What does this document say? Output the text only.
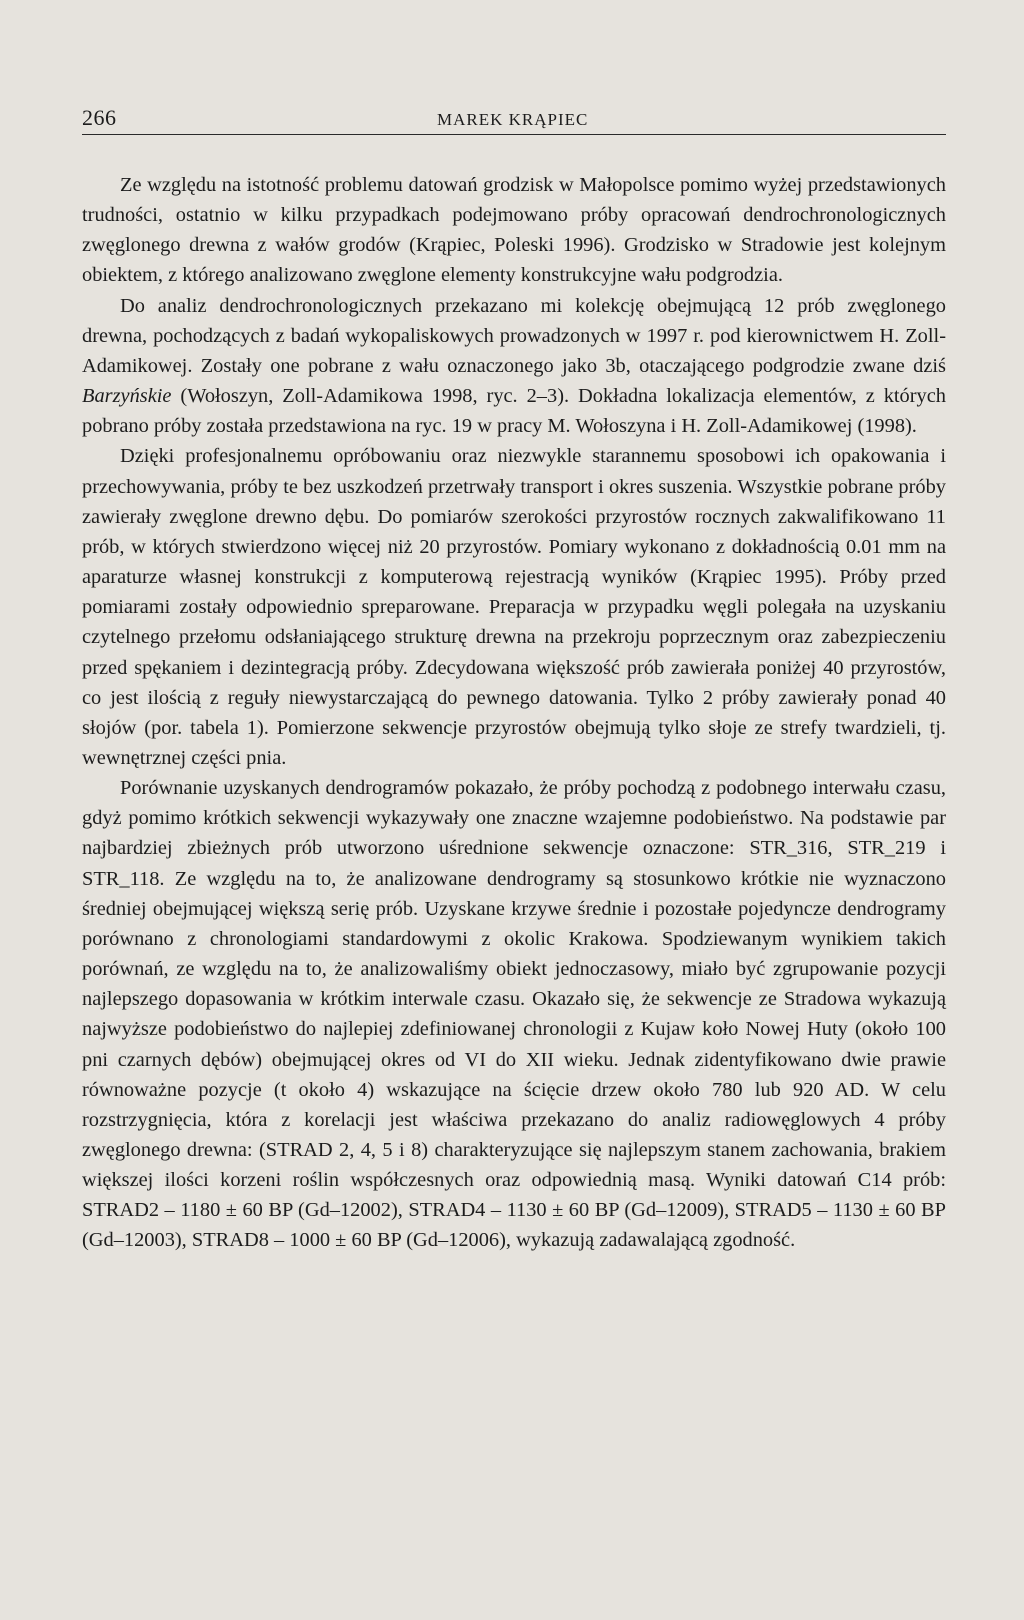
266	MAREK KRĄPIEC

Ze względu na istotność problemu datowań grodzisk w Małopolsce pomimo wyżej przedstawionych trudności, ostatnio w kilku przypadkach podejmowano próby opracowań dendrochronologicznych zwęglonego drewna z wałów grodów (Krąpiec, Poleski 1996). Grodzisko w Stradowie jest kolejnym obiektem, z którego analizowano zwęglone elementy konstrukcyjne wału podgrodzia.

Do analiz dendrochronologicznych przekazano mi kolekcję obejmującą 12 prób zwęglonego drewna, pochodzących z badań wykopaliskowych prowadzonych w 1997 r. pod kierownictwem H. Zoll-Adamikowej. Zostały one pobrane z wału oznaczonego jako 3b, otaczającego podgrodzie zwane dziś Barzyńskie (Wołoszyn, Zoll-Adamikowa 1998, ryc. 2–3). Dokładna lokalizacja elementów, z których pobrano próby została przedstawiona na ryc. 19 w pracy M. Wołoszyna i H. Zoll-Adamikowej (1998).

Dzięki profesjonalnemu opróbowaniu oraz niezwykle starannemu sposobowi ich opakowania i przechowywania, próby te bez uszkodzeń przetrwały transport i okres suszenia. Wszystkie pobrane próby zawierały zwęglone drewno dębu. Do pomiarów szerokości przyrostów rocznych zakwalifikowano 11 prób, w których stwierdzono więcej niż 20 przyrostów. Pomiary wykonano z dokładnością 0.01 mm na aparaturze własnej konstrukcji z komputerową rejestracją wyników (Krąpiec 1995). Próby przed pomiarami zostały odpowiednio spreparowane. Preparacja w przypadku węgli polegała na uzyskaniu czytelnego przełomu odsłaniającego strukturę drewna na przekroju poprzecznym oraz zabezpieczeniu przed spękaniem i dezintegracją próby. Zdecydowana większość prób zawierała poniżej 40 przyrostów, co jest ilością z reguły niewystarczającą do pewnego datowania. Tylko 2 próby zawierały ponad 40 słojów (por. tabela 1). Pomierzone sekwencje przyrostów obejmują tylko słoje ze strefy twardzieli, tj. wewnętrznej części pnia.

Porównanie uzyskanych dendrogramów pokazało, że próby pochodzą z podobnego interwału czasu, gdyż pomimo krótkich sekwencji wykazywały one znaczne wzajemne podobieństwo. Na podstawie par najbardziej zbieżnych prób utworzono uśrednione sekwencje oznaczone: STR_316, STR_219 i STR_118. Ze względu na to, że analizowane dendrogramy są stosunkowo krótkie nie wyznaczono średniej obejmującej większą serię prób. Uzyskane krzywe średnie i pozostałe pojedyncze dendrogramy porównano z chronologiami standardowymi z okolic Krakowa. Spodziewanym wynikiem takich porównań, ze względu na to, że analizowaliśmy obiekt jednoczasowy, miało być zgrupowanie pozycji najlepszego dopasowania w krótkim interwale czasu. Okazało się, że sekwencje ze Stradowa wykazują najwyższe podobieństwo do najlepiej zdefiniowanej chronologii z Kujaw koło Nowej Huty (około 100 pni czarnych dębów) obejmującej okres od VI do XII wieku. Jednak zidentyfikowano dwie prawie równoważne pozycje (t około 4) wskazujące na ścięcie drzew około 780 lub 920 AD. W celu rozstrzygnięcia, która z korelacji jest właściwa przekazano do analiz radiowęglowych 4 próby zwęglonego drewna: (STRAD 2, 4, 5 i 8) charakteryzujące się najlepszym stanem zachowania, brakiem większej ilości korzeni roślin współczesnych oraz odpowiednią masą. Wyniki datowań C14 prób: STRAD2 – 1180 ± 60 BP (Gd–12002), STRAD4 – 1130 ± 60 BP (Gd–12009), STRAD5 – 1130 ± 60 BP (Gd–12003), STRAD8 – 1000 ± 60 BP (Gd–12006), wykazują zadawalającą zgodność.
